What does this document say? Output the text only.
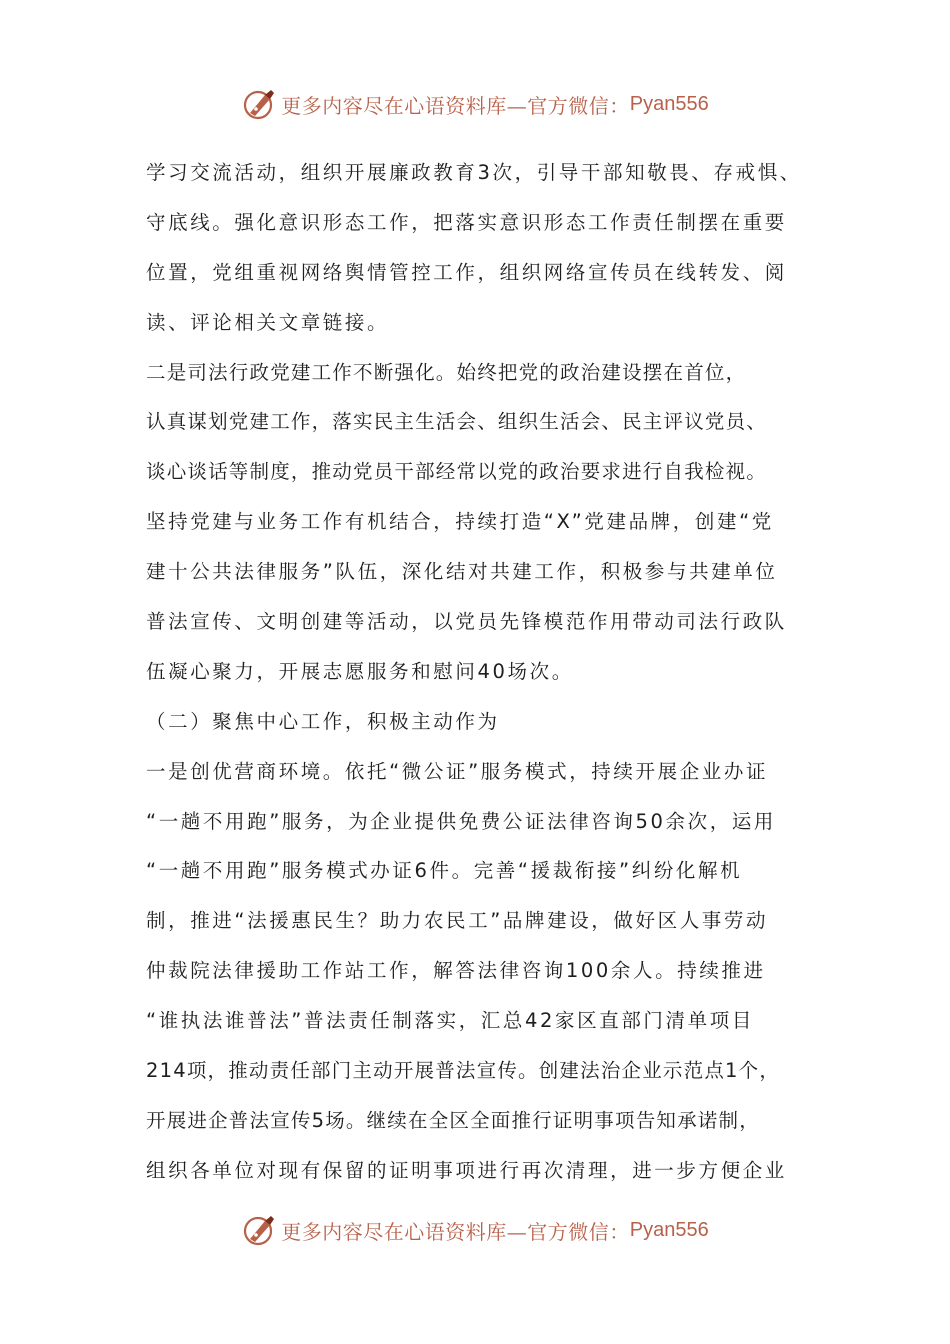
更多内容尽在心语资料库—官方微信： Pyan556
学习交流活动，组织开展廉政教育3次，引导干部知敬畏、存戒惧、
守底线。强化意识形态工作，把落实意识形态工作责任制摆在重要
位置，党组重视网络舆情管控工作，组织网络宣传员在线转发、阅
读、评论相关文章链接。
二是司法行政党建工作不断强化。始终把党的政治建设摆在首位，
认真谋划党建工作，落实民主生活会、组织生活会、民主评议党员、
谈心谈话等制度，推动党员干部经常以党的政治要求进行自我检视。
坚持党建与业务工作有机结合，持续打造“X”党建品牌，创建“党
建十公共法律服务”队伍，深化结对共建工作，积极参与共建单位
普法宣传、文明创建等活动，以党员先锋模范作用带动司法行政队
伍凝心聚力，开展志愿服务和慰问40场次。
（二）聚焦中心工作，积极主动作为
一是创优营商环境。依托“微公证”服务模式，持续开展企业办证
“一趟不用跑”服务，为企业提供免费公证法律咨询50余次，运用
“一趟不用跑”服务模式办证6件。完善“援裁衔接”纠纷化解机
制，推进“法援惠民生？助力农民工”品牌建设，做好区人事劳动
仲裁院法律援助工作站工作，解答法律咨询100余人。持续推进
“谁执法谁普法”普法责任制落实，汇总42家区直部门清单项目
214项，推动责任部门主动开展普法宣传。创建法治企业示范点1个，
开展进企普法宣传5场。继续在全区全面推行证明事项告知承诺制，
组织各单位对现有保留的证明事项进行再次清理，进一步方便企业
更多内容尽在心语资料库—官方微信： Pyan556
